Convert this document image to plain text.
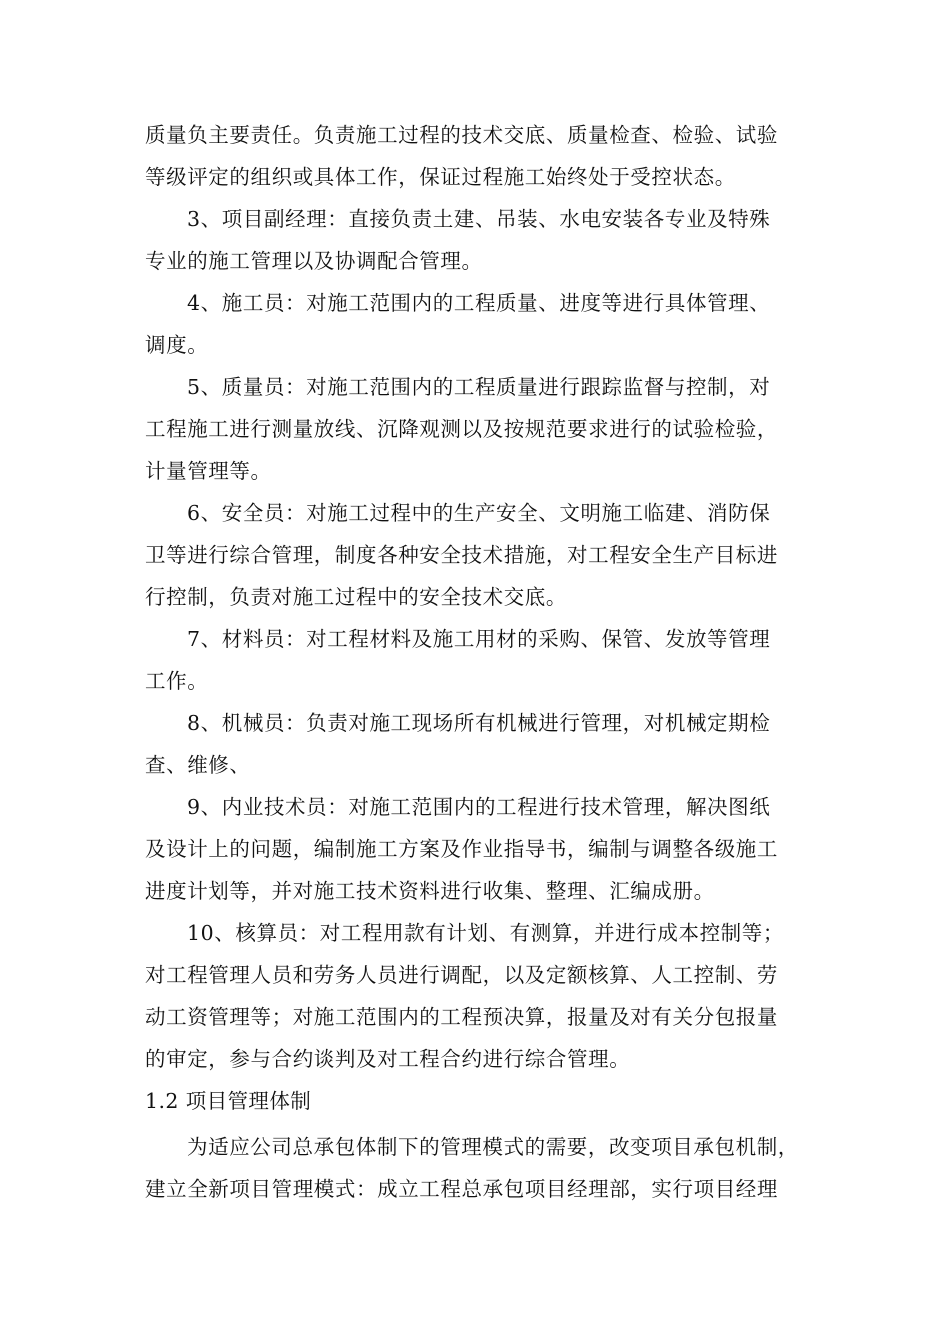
质量负主要责任。负责施工过程的技术交底、质量检查、检验、试验
等级评定的组织或具体工作，保证过程施工始终处于受控状态。
3、项目副经理：直接负责土建、吊装、水电安装各专业及特殊
专业的施工管理以及协调配合管理。
4、施工员：对施工范围内的工程质量、进度等进行具体管理、
调度。
5、质量员：对施工范围内的工程质量进行跟踪监督与控制，对
工程施工进行测量放线、沉降观测以及按规范要求进行的试验检验，
计量管理等。
6、安全员：对施工过程中的生产安全、文明施工临建、消防保
卫等进行综合管理，制度各种安全技术措施，对工程安全生产目标进
行控制，负责对施工过程中的安全技术交底。
7、材料员：对工程材料及施工用材的采购、保管、发放等管理
工作。
8、机械员：负责对施工现场所有机械进行管理，对机械定期检
查、维修、
9、内业技术员：对施工范围内的工程进行技术管理，解决图纸
及设计上的问题，编制施工方案及作业指导书，编制与调整各级施工
进度计划等，并对施工技术资料进行收集、整理、汇编成册。
10、核算员：对工程用款有计划、有测算，并进行成本控制等；
对工程管理人员和劳务人员进行调配，以及定额核算、人工控制、劳
动工资管理等；对施工范围内的工程预决算，报量及对有关分包报量
的审定，参与合约谈判及对工程合约进行综合管理。
1.2 项目管理体制
为适应公司总承包体制下的管理模式的需要，改变项目承包机制，
建立全新项目管理模式：成立工程总承包项目经理部，实行项目经理
